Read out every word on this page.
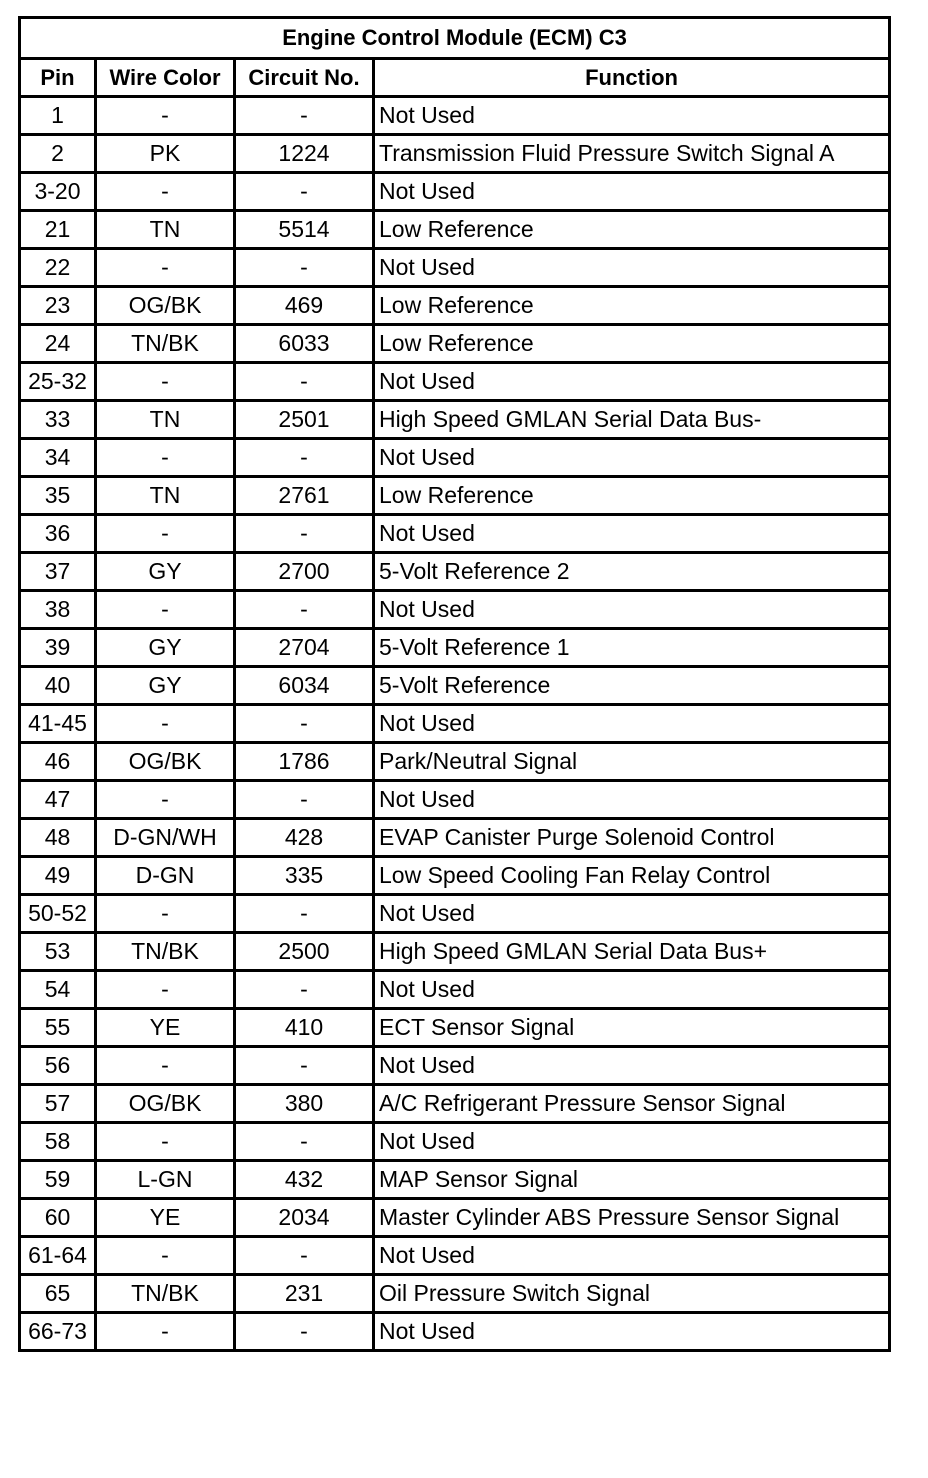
Engine Control Module (ECM) C3			
Pin	Wire Color	Circuit No.	Function
1	-	-	Not Used
2	PK	1224	Transmission Fluid Pressure Switch Signal A
3-20	-	-	Not Used
21	TN	5514	Low Reference
22	-	-	Not Used
23	OG/BK	469	Low Reference
24	TN/BK	6033	Low Reference
25-32	-	-	Not Used
33	TN	2501	High Speed GMLAN Serial Data Bus-
34	-	-	Not Used
35	TN	2761	Low Reference
36	-	-	Not Used
37	GY	2700	5-Volt Reference 2
38	-	-	Not Used
39	GY	2704	5-Volt Reference 1
40	GY	6034	5-Volt Reference
41-45	-	-	Not Used
46	OG/BK	1786	Park/Neutral Signal
47	-	-	Not Used
48	D-GN/WH	428	EVAP Canister Purge Solenoid Control
49	D-GN	335	Low Speed Cooling Fan Relay Control
50-52	-	-	Not Used
53	TN/BK	2500	High Speed GMLAN Serial Data Bus+
54	-	-	Not Used
55	YE	410	ECT Sensor Signal
56	-	-	Not Used
57	OG/BK	380	A/C Refrigerant Pressure Sensor Signal
58	-	-	Not Used
59	L-GN	432	MAP Sensor Signal
60	YE	2034	Master Cylinder ABS Pressure Sensor Signal
61-64	-	-	Not Used
65	TN/BK	231	Oil Pressure Switch Signal
66-73	-	-	Not Used
